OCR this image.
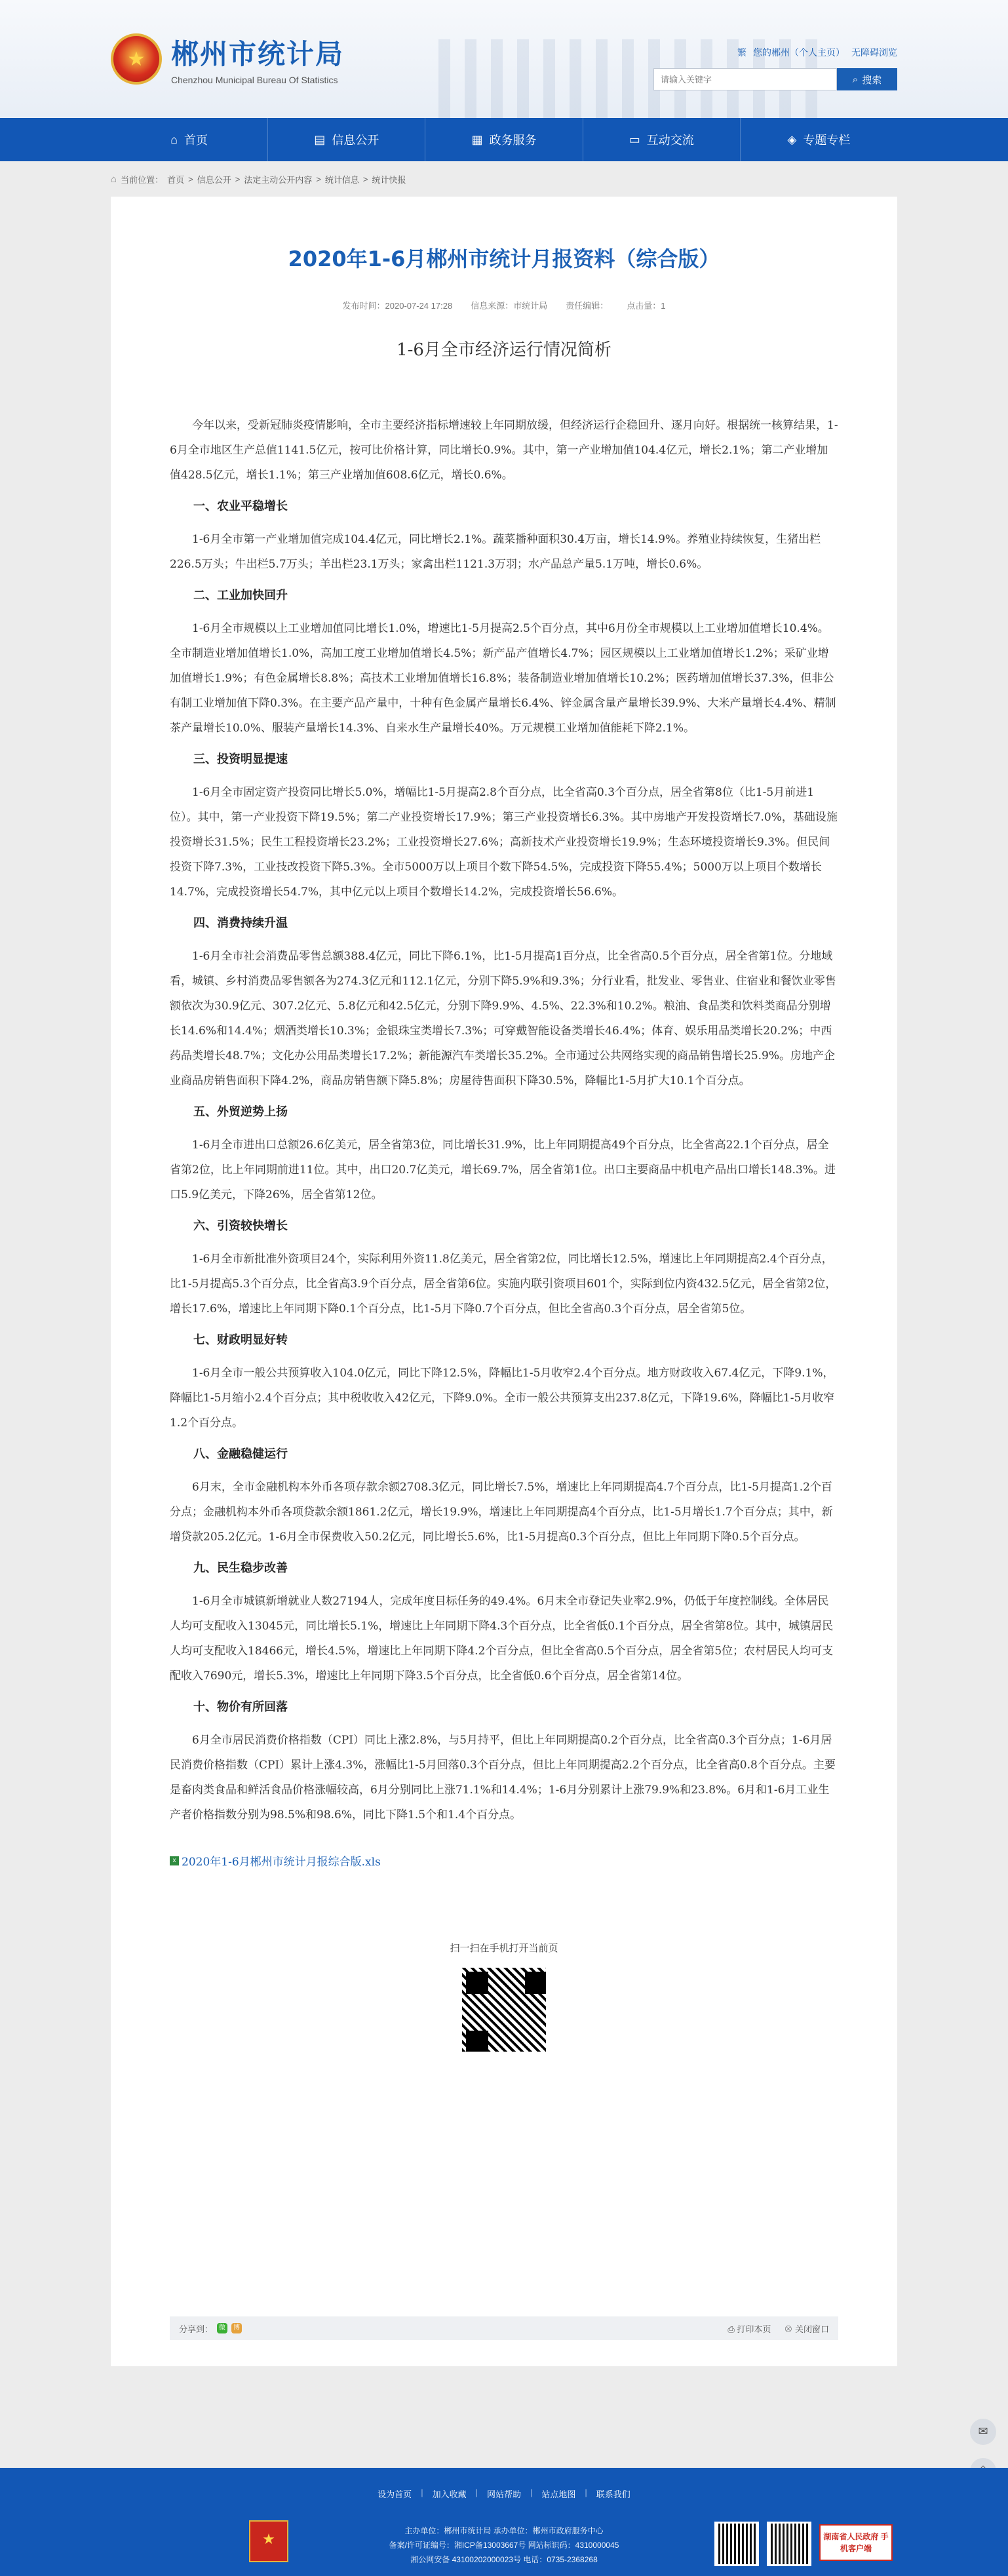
★
郴州市统计局
Chenzhou Municipal Bureau Of Statistics
繁 您的郴州（个人主页） 无障碍浏览
请输入关键字
⌕ 搜索
⌂ 首页	▤ 信息公开	▦ 政务服务	▭ 互动交流	◈ 专题专栏
⌂ 当前位置： 首页 > 信息公开 > 法定主动公开内容 > 统计信息 > 统计快报
2020年1-6月郴州市统计月报资料（综合版）
发布时间：2020-07-24 17:28 信息来源：市统计局 责任编辑： 点击量：1
1-6月全市经济运行情况简析

今年以来，受新冠肺炎疫情影响，全市主要经济指标增速较上年同期放缓，但经济运行企稳回升、逐月向好。根据统一核算结果，1-6月全市地区生产总值1141.5亿元，按可比价格计算，同比增长0.9%。其中，第一产业增加值104.4亿元，增长2.1%；第二产业增加值428.5亿元，增长1.1%；第三产业增加值608.6亿元，增长0.6%。

一、农业平稳增长

1-6月全市第一产业增加值完成104.4亿元，同比增长2.1%。蔬菜播种面积30.4万亩，增长14.9%。养殖业持续恢复，生猪出栏226.5万头；牛出栏5.7万头；羊出栏23.1万头；家禽出栏1121.3万羽；水产品总产量5.1万吨，增长0.6%。

二、工业加快回升

1-6月全市规模以上工业增加值同比增长1.0%，增速比1-5月提高2.5个百分点，其中6月份全市规模以上工业增加值增长10.4%。全市制造业增加值增长1.0%，高加工度工业增加值增长4.5%；新产品产值增长4.7%；园区规模以上工业增加值增长1.2%；采矿业增加值增长1.9%；有色金属增长8.8%；高技术工业增加值增长16.8%；装备制造业增加值增长10.2%；医药增加值增长37.3%，但非公有制工业增加值下降0.3%。在主要产品产量中，十种有色金属产量增长6.4%、锌金属含量产量增长39.9%、大米产量增长4.4%、精制茶产量增长10.0%、服装产量增长14.3%、自来水生产量增长40%。万元规模工业增加值能耗下降2.1%。

三、投资明显提速

1-6月全市固定资产投资同比增长5.0%，增幅比1-5月提高2.8个百分点，比全省高0.3个百分点，居全省第8位（比1-5月前进1位）。其中，第一产业投资下降19.5%；第二产业投资增长17.9%；第三产业投资增长6.3%。其中房地产开发投资增长7.0%，基础设施投资增长31.5%；民生工程投资增长23.2%；工业投资增长27.6%；高新技术产业投资增长19.9%；生态环境投资增长9.3%。但民间投资下降7.3%，工业技改投资下降5.3%。全市5000万以上项目个数下降54.5%，完成投资下降55.4%；5000万以上项目个数增长14.7%，完成投资增长54.7%，其中亿元以上项目个数增长14.2%，完成投资增长56.6%。

四、消费持续升温

1-6月全市社会消费品零售总额388.4亿元，同比下降6.1%，比1-5月提高1百分点，比全省高0.5个百分点，居全省第1位。分地域看，城镇、乡村消费品零售额各为274.3亿元和112.1亿元，分别下降5.9%和9.3%；分行业看，批发业、零售业、住宿业和餐饮业零售额依次为30.9亿元、307.2亿元、5.8亿元和42.5亿元，分别下降9.9%、4.5%、22.3%和10.2%。粮油、食品类和饮料类商品分别增长14.6%和14.4%；烟酒类增长10.3%；金银珠宝类增长7.3%；可穿戴智能设备类增长46.4%；体育、娱乐用品类增长20.2%；中西药品类增长48.7%；文化办公用品类增长17.2%；新能源汽车类增长35.2%。全市通过公共网络实现的商品销售增长25.9%。房地产企业商品房销售面积下降4.2%，商品房销售额下降5.8%；房屋待售面积下降30.5%，降幅比1-5月扩大10.1个百分点。

五、外贸逆势上扬

1-6月全市进出口总额26.6亿美元，居全省第3位，同比增长31.9%，比上年同期提高49个百分点，比全省高22.1个百分点，居全省第2位，比上年同期前进11位。其中，出口20.7亿美元，增长69.7%，居全省第1位。出口主要商品中机电产品出口增长148.3%。进口5.9亿美元，下降26%，居全省第12位。

六、引资较快增长

1-6月全市新批准外资项目24个，实际利用外资11.8亿美元，居全省第2位，同比增长12.5%，增速比上年同期提高2.4个百分点，比1-5月提高5.3个百分点，比全省高3.9个百分点，居全省第6位。实施内联引资项目601个，实际到位内资432.5亿元，居全省第2位，增长17.6%，增速比上年同期下降0.1个百分点，比1-5月下降0.7个百分点，但比全省高0.3个百分点，居全省第5位。

七、财政明显好转

1-6月全市一般公共预算收入104.0亿元，同比下降12.5%，降幅比1-5月收窄2.4个百分点。地方财政收入67.4亿元，下降9.1%，降幅比1-5月缩小2.4个百分点；其中税收收入42亿元，下降9.0%。全市一般公共预算支出237.8亿元，下降19.6%，降幅比1-5月收窄1.2个百分点。

八、金融稳健运行

6月末，全市金融机构本外币各项存款余额2708.3亿元，同比增长7.5%，增速比上年同期提高4.7个百分点，比1-5月提高1.2个百分点；金融机构本外币各项贷款余额1861.2亿元，增长19.9%，增速比上年同期提高4个百分点，比1-5月增长1.7个百分点；其中，新增贷款205.2亿元。1-6月全市保费收入50.2亿元，同比增长5.6%，比1-5月提高0.3个百分点，但比上年同期下降0.5个百分点。

九、民生稳步改善

1-6月全市城镇新增就业人数27194人，完成年度目标任务的49.4%。6月末全市登记失业率2.9%，仍低于年度控制线。全体居民人均可支配收入13045元，同比增长5.1%，增速比上年同期下降4.3个百分点，比全省低0.1个百分点，居全省第8位。其中，城镇居民人均可支配收入18466元，增长4.5%，增速比上年同期下降4.2个百分点，但比全省高0.5个百分点，居全省第5位；农村居民人均可支配收入7690元，增长5.3%，增速比上年同期下降3.5个百分点，比全省低0.6个百分点，居全省第14位。

十、物价有所回落

6月全市居民消费价格指数（CPI）同比上涨2.8%，与5月持平，但比上年同期提高0.2个百分点，比全省高0.3个百分点；1-6月居民消费价格指数（CPI）累计上涨4.3%，涨幅比1-5月回落0.3个百分点，但比上年同期提高2.2个百分点，比全省高0.8个百分点。主要是畜肉类食品和鲜活食品价格涨幅较高，6月分别同比上涨71.1%和14.4%；1-6月分别累计上涨79.9%和23.8%。6月和1-6月工业生产者价格指数分别为98.5%和98.6%，同比下降1.5个和1.4个百分点。

x 2020年1-6月郴州市统计月报综合版.xls
扫一扫在手机打开当前页
分享到： 微	博	⎙ 打印本页 ⊗ 关闭窗口
✉
设为首页 | 加入收藏 | 网站帮助 | 站点地图 | 联系我们
★
主办单位：郴州市统计局 承办单位：郴州市政府服务中心
备案/许可证编号：湘ICP备13003667号 网站标识码：4310000045
湘公网安备 43100202000023号 电话：0735-2368268
湖南省人民政府 手机客户端
